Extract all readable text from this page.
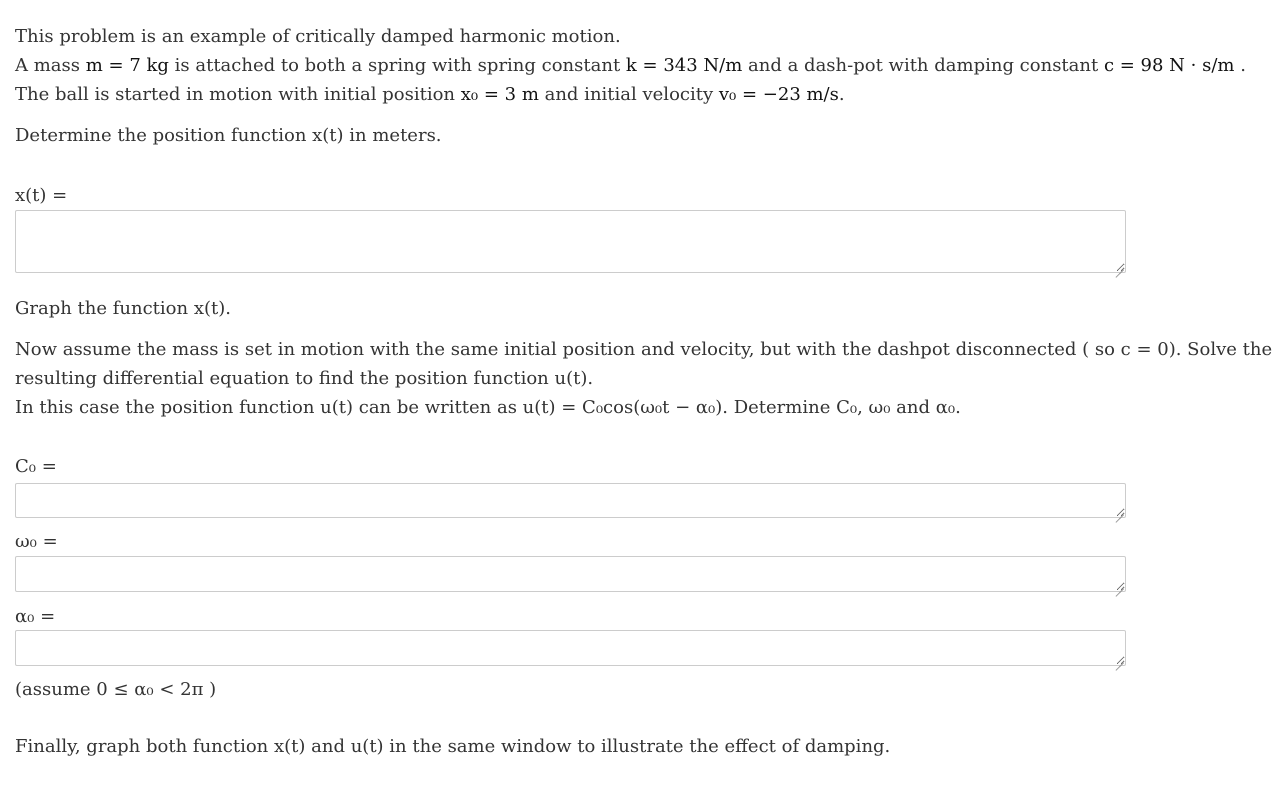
This problem is an example of critically damped harmonic motion.
A mass m = 7 kg is attached to both a spring with spring constant k = 343 N/m and a dash-pot with damping constant c = 98 N · s/m .
The ball is started in motion with initial position x₀ = 3 m and initial velocity v₀ = −23 m/s.
Determine the position function x(t) in meters.
x(t) =
Graph the function x(t).
Now assume the mass is set in motion with the same initial position and velocity, but with the dashpot disconnected ( so c = 0). Solve the
resulting differential equation to find the position function u(t).
In this case the position function u(t) can be written as u(t) = C₀cos(ω₀t − α₀). Determine C₀, ω₀ and α₀.
C₀ =
ω₀ =
α₀ =
(assume 0 ≤ α₀ < 2π )
Finally, graph both function x(t) and u(t) in the same window to illustrate the effect of damping.
